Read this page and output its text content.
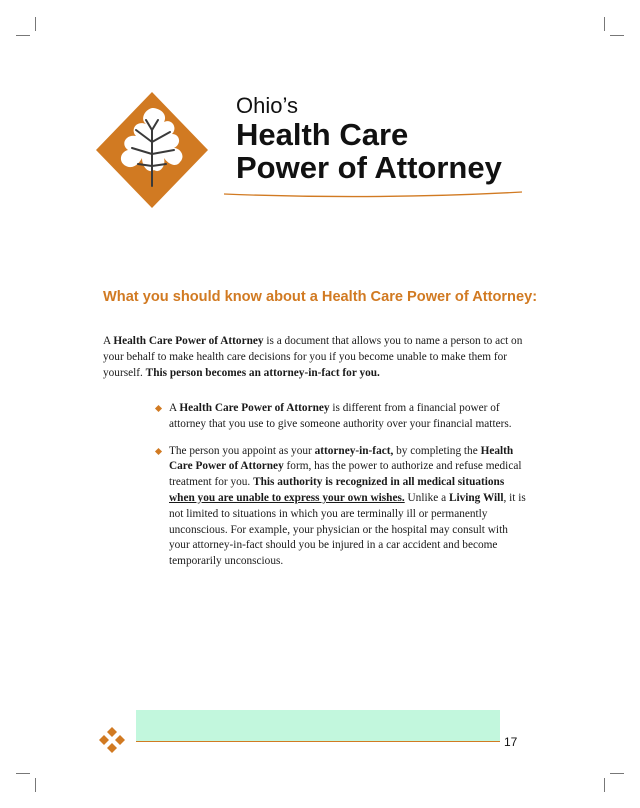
Ohio’s
Health Care
Power of Attorney
What you should know about a Health Care Power of Attorney:

A Health Care Power of Attorney is a document that allows you to name a person to act on your behalf to make health care decisions for you if you become unable to make them for yourself. This person becomes an attorney-in-fact for you.

A Health Care Power of Attorney is different from a financial power of attorney that you use to give someone authority over your financial matters.
The person you appoint as your attorney-in-fact, by completing the Health Care Power of Attorney form, has the power to authorize and refuse medical treatment for you. This authority is recognized in all medical situations when you are unable to express your own wishes. Unlike a Living Will, it is not limited to situations in which you are terminally ill or permanently unconscious. For example, your physician or the hospital may consult with your attorney-in-fact should you be injured in a car accident and become temporarily unconscious.
17
